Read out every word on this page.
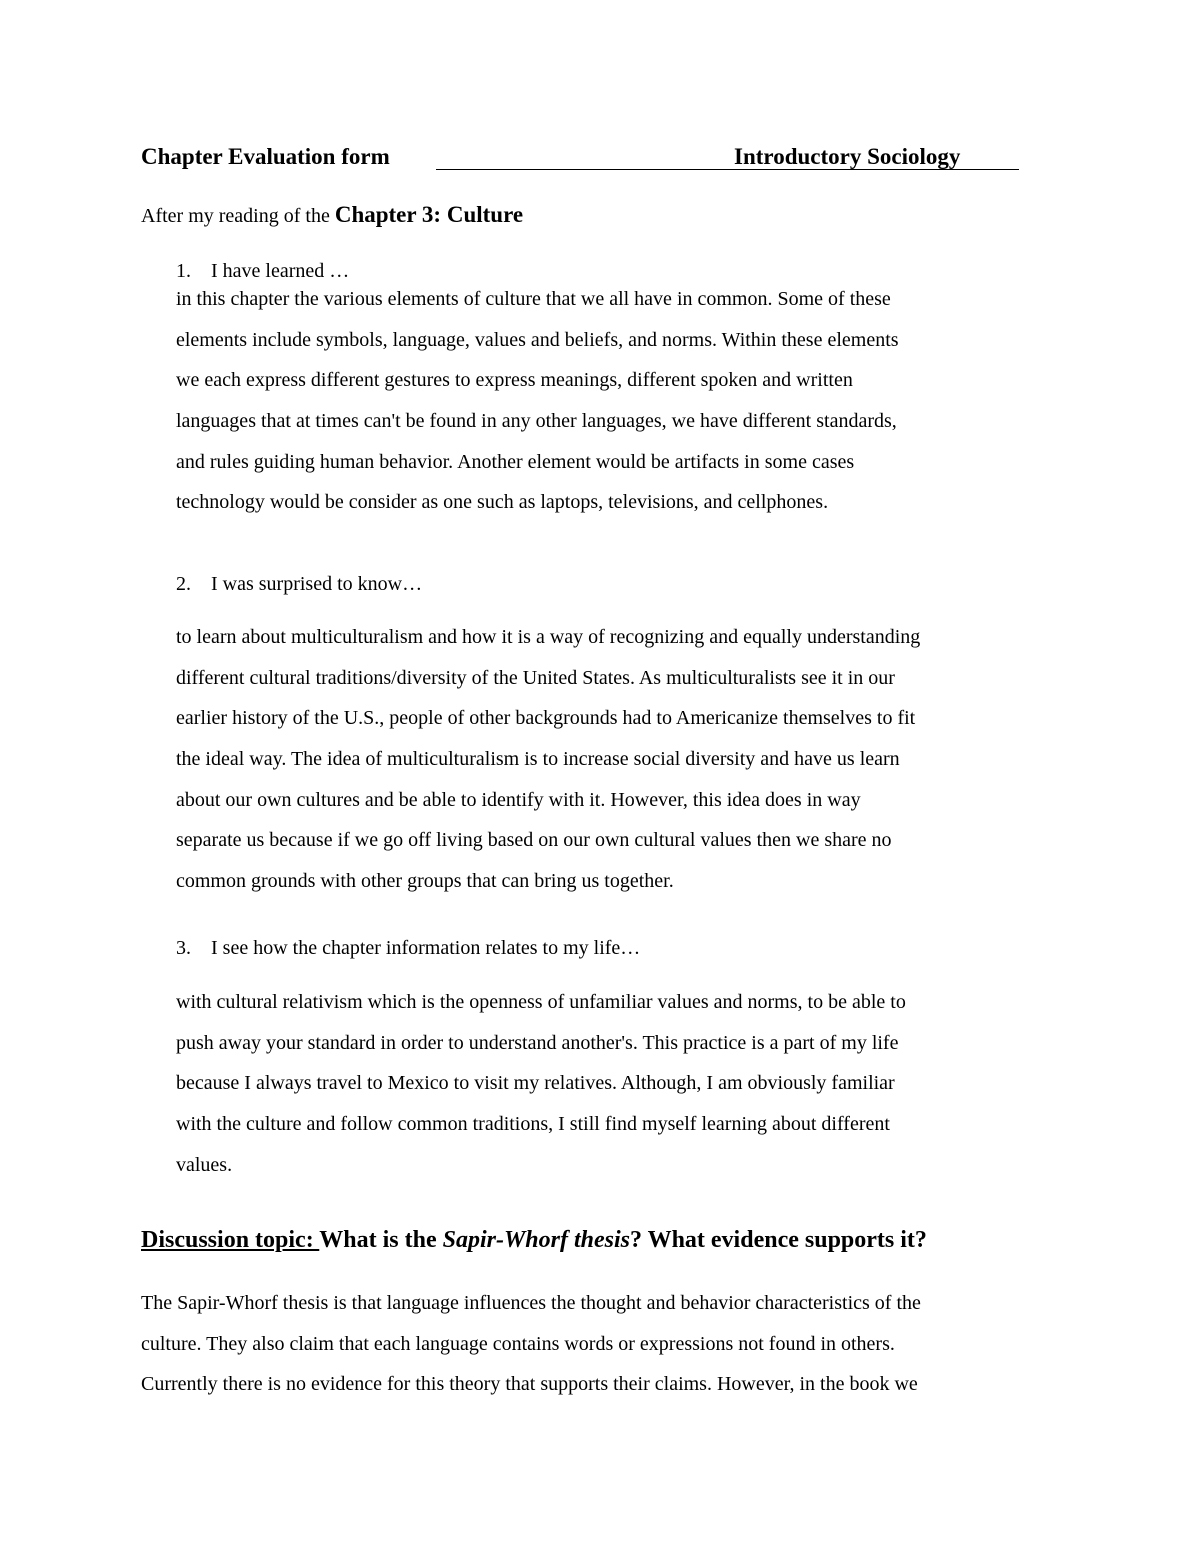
Chapter Evaluation form	Introductory Sociology

After my reading of the Chapter 3: Culture

1. I have learned …
in this chapter the various elements of culture that we all have in common. Some of these
elements include symbols, language, values and beliefs, and norms. Within these elements
we each express different gestures to express meanings, different spoken and written
languages that at times can't be found in any other languages, we have different standards,
and rules guiding human behavior. Another element would be artifacts in some cases
technology would be consider as one such as laptops, televisions, and cellphones.
2. I was surprised to know…
to learn about multiculturalism and how it is a way of recognizing and equally understanding
different cultural traditions/diversity of the United States. As multiculturalists see it in our
earlier history of the U.S., people of other backgrounds had to Americanize themselves to fit
the ideal way. The idea of multiculturalism is to increase social diversity and have us learn
about our own cultures and be able to identify with it. However, this idea does in way
separate us because if we go off living based on our own cultural values then we share no
common grounds with other groups that can bring us together.
3. I see how the chapter information relates to my life…
with cultural relativism which is the openness of unfamiliar values and norms, to be able to
push away your standard in order to understand another's. This practice is a part of my life
because I always travel to Mexico to visit my relatives. Although, I am obviously familiar
with the culture and follow common traditions, I still find myself learning about different
values.

Discussion topic: What is the Sapir-Whorf thesis? What evidence supports it?

The Sapir-Whorf thesis is that language influences the thought and behavior characteristics of the
culture. They also claim that each language contains words or expressions not found in others.
Currently there is no evidence for this theory that supports their claims. However, in the book we
